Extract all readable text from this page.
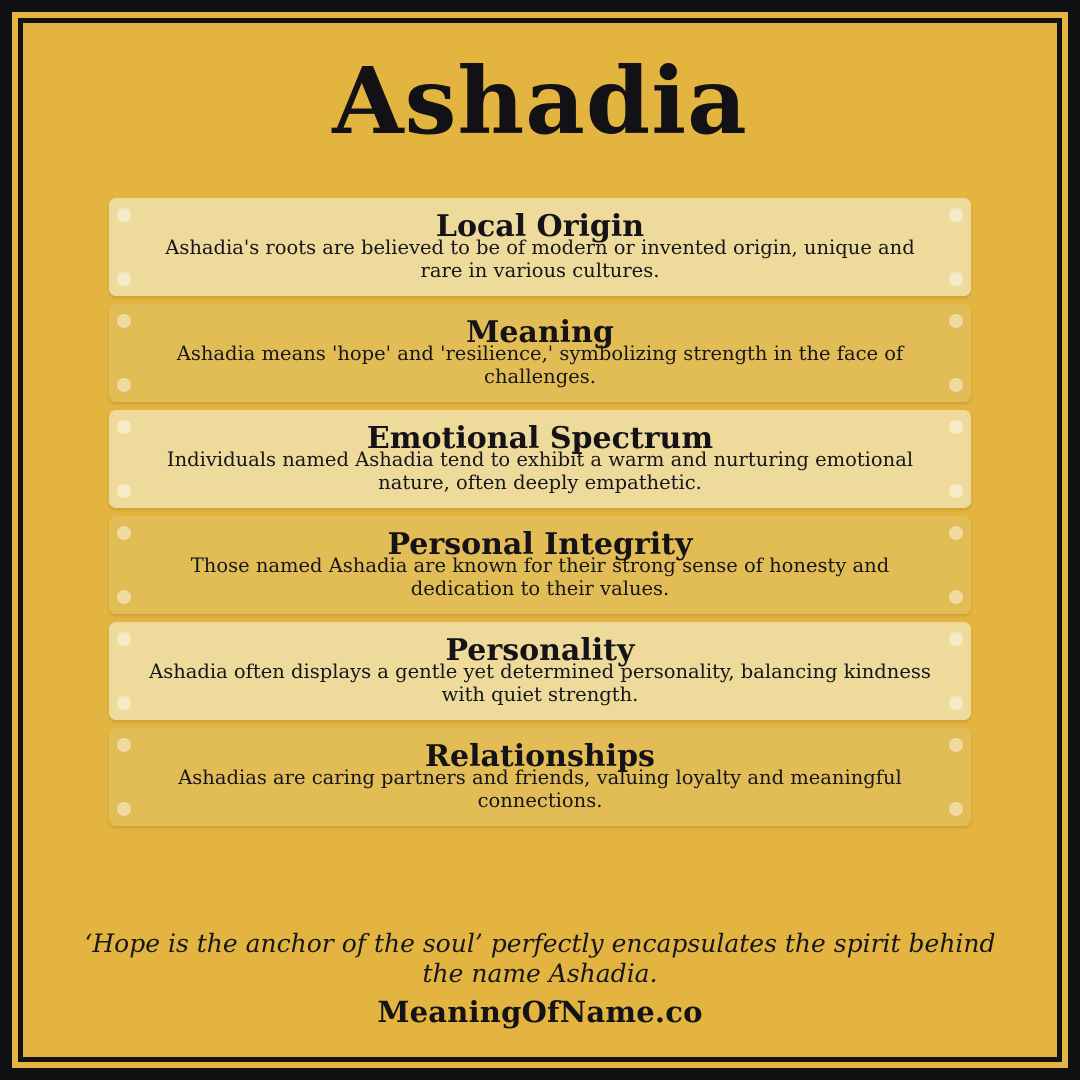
Ashadia
Local Origin
Ashadia's roots are believed to be of modern or invented origin, unique and rare in various cultures.
Meaning
Ashadia means 'hope' and 'resilience,' symbolizing strength in the face of challenges.
Emotional Spectrum
Individuals named Ashadia tend to exhibit a warm and nurturing emotional nature, often deeply empathetic.
Personal Integrity
Those named Ashadia are known for their strong sense of honesty and dedication to their values.
Personality
Ashadia often displays a gentle yet determined personality, balancing kindness with quiet strength.
Relationships
Ashadias are caring partners and friends, valuing loyalty and meaningful connections.
‘Hope is the anchor of the soul’ perfectly encapsulates the spirit behind the name Ashadia.
MeaningOfName.co
